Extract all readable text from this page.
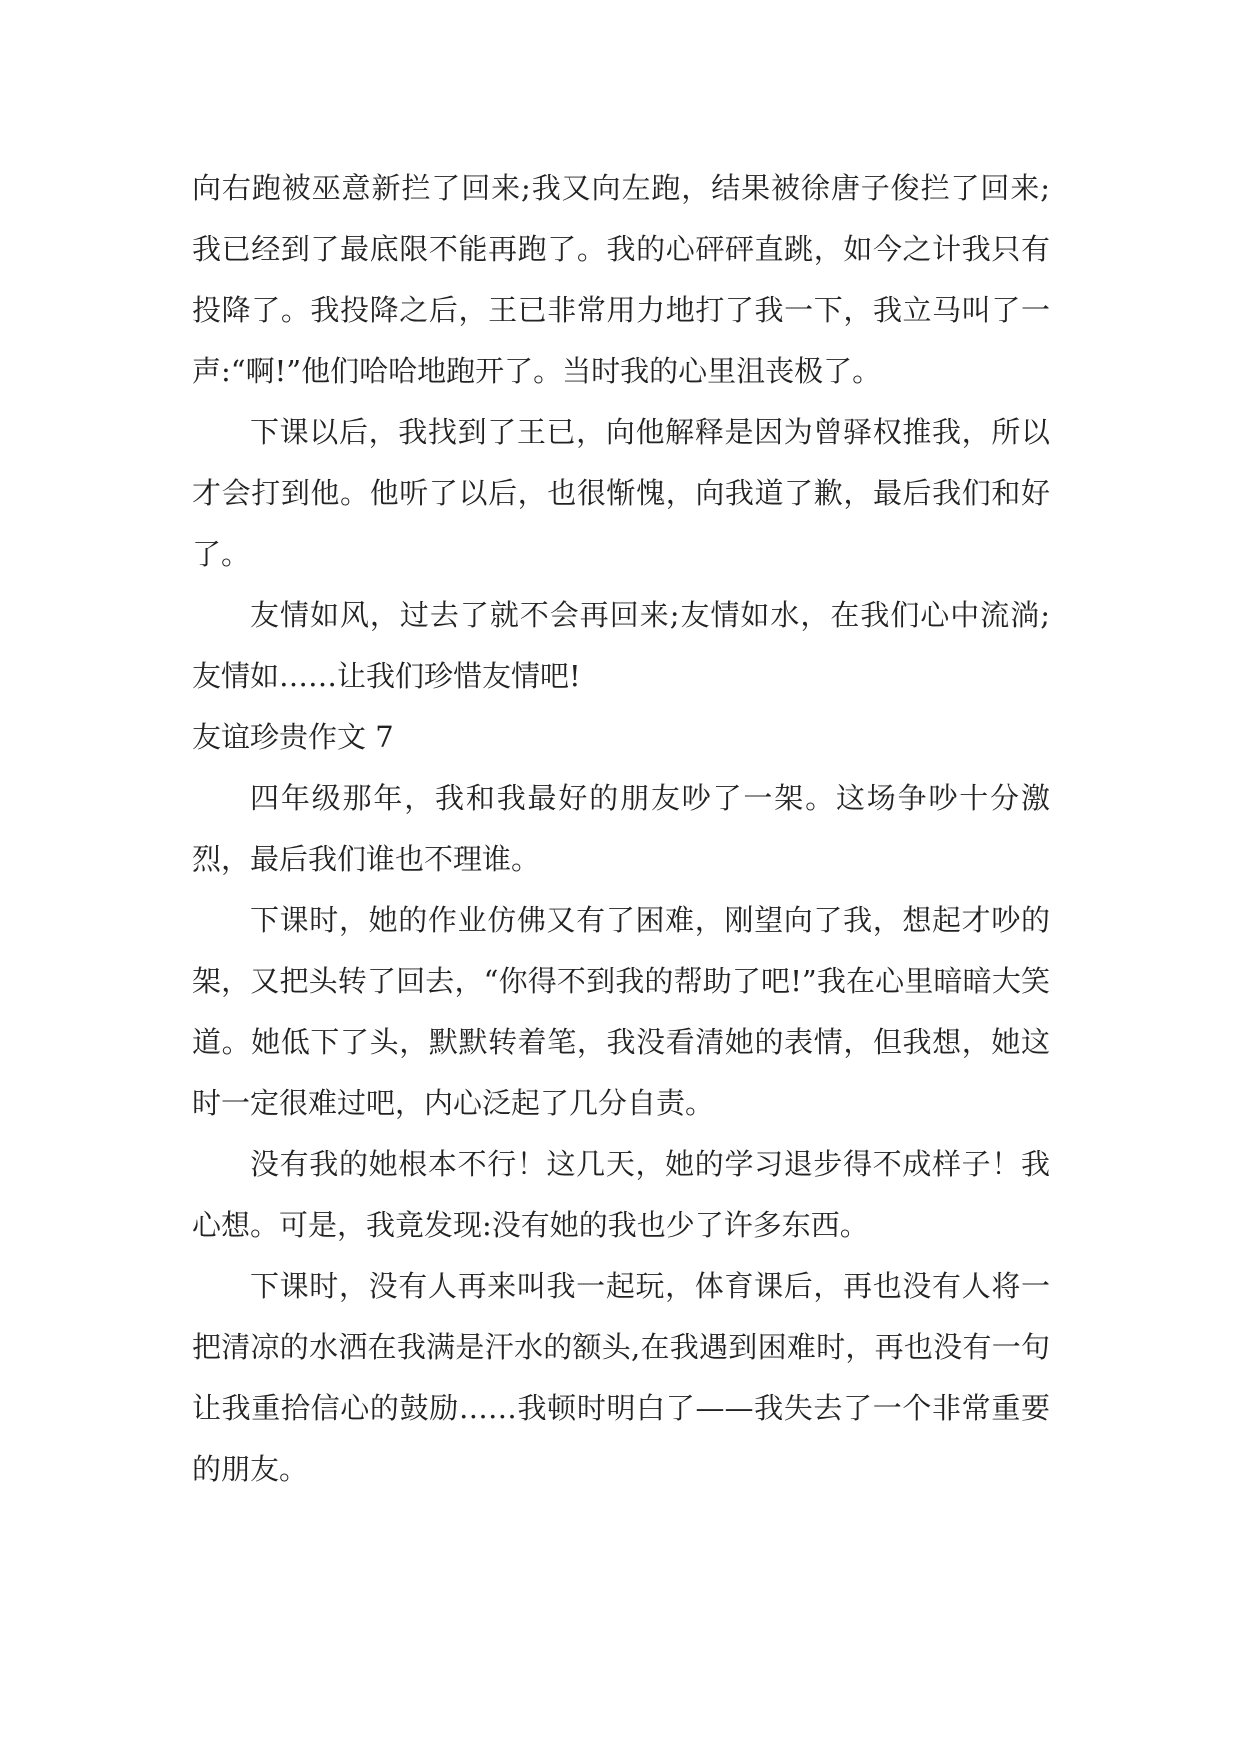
向右跑被巫意新拦了回来;我又向左跑，结果被徐唐子俊拦了回来;我已经到了最底限不能再跑了。我的心砰砰直跳，如今之计我只有投降了。我投降之后，王已非常用力地打了我一下，我立马叫了一声:“啊!”他们哈哈地跑开了。当时我的心里沮丧极了。

下课以后，我找到了王已，向他解释是因为曾驿权推我，所以才会打到他。他听了以后，也很惭愧，向我道了歉，最后我们和好了。

友情如风，过去了就不会再回来;友情如水，在我们心中流淌;友情如……让我们珍惜友情吧!

友谊珍贵作文 7

四年级那年，我和我最好的朋友吵了一架。这场争吵十分激烈，最后我们谁也不理谁。

下课时，她的作业仿佛又有了困难，刚望向了我，想起才吵的架，又把头转了回去，“你得不到我的帮助了吧!”我在心里暗暗大笑道。她低下了头，默默转着笔，我没看清她的表情，但我想，她这时一定很难过吧，内心泛起了几分自责。

没有我的她根本不行！这几天，她的学习退步得不成样子！我心想。可是，我竟发现:没有她的我也少了许多东西。

下课时，没有人再来叫我一起玩，体育课后，再也没有人将一把清凉的水洒在我满是汗水的额头,在我遇到困难时，再也没有一句让我重拾信心的鼓励……我顿时明白了——我失去了一个非常重要的朋友。
